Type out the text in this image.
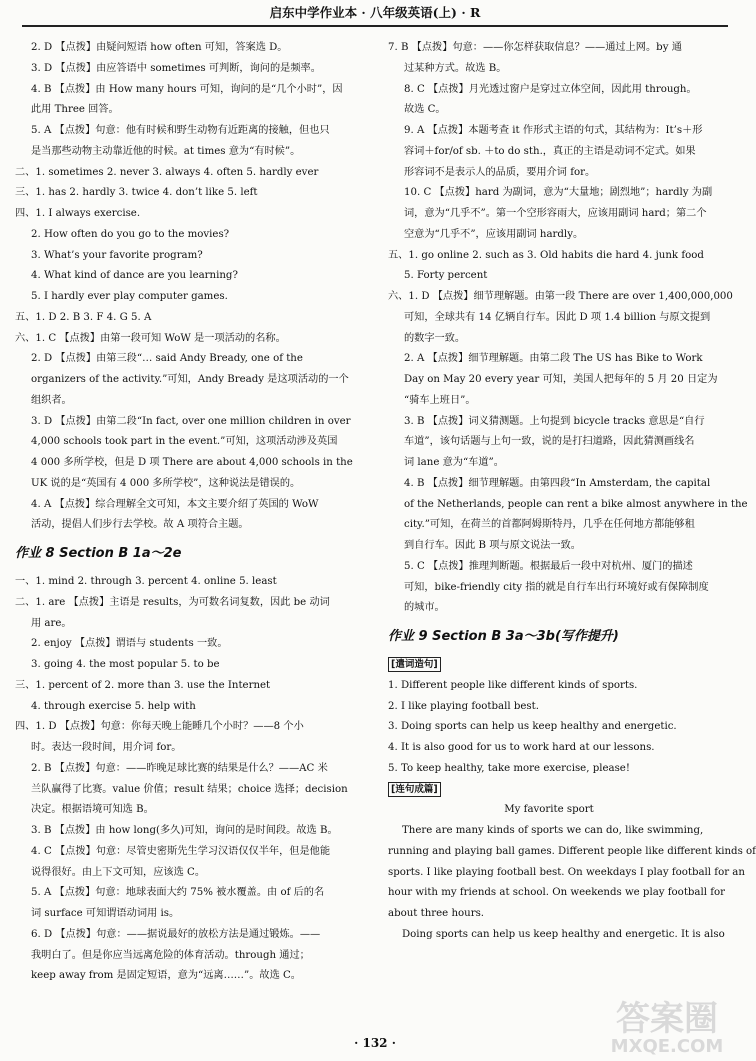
启东中学作业本 · 八年级英语(上) · R

2. D 【点拨】由疑问短语 how often 可知，答案选 D。

3. D 【点拨】由应答语中 sometimes 可判断，询问的是频率。

4. B 【点拨】由 How many hours 可知，询问的是“几个小时”，因

此用 Three 回答。

5. A 【点拨】句意：他有时候和野生动物有近距离的接触，但也只

是当那些动物主动靠近他的时候。at times 意为“有时候”。

二、1. sometimes 2. never 3. always 4. often 5. hardly ever

三、1. has 2. hardly 3. twice 4. don’t like 5. left

四、1. I always exercise.

2. How often do you go to the movies?

3. What’s your favorite program?

4. What kind of dance are you learning?

5. I hardly ever play computer games.

五、1. D 2. B 3. F 4. G 5. A

六、1. C 【点拨】由第一段可知 WoW 是一项活动的名称。

2. D 【点拨】由第三段“… said Andy Bready, one of the

organizers of the activity.”可知，Andy Bready 是这项活动的一个

组织者。

3. D 【点拨】由第二段“In fact, over one million children in over

4,000 schools took part in the event.”可知，这项活动涉及英国

4 000 多所学校，但是 D 项 There are about 4,000 schools in the

UK 说的是“英国有 4 000 多所学校”，这种说法是错误的。

4. A 【点拨】综合理解全文可知，本文主要介绍了英国的 WoW

活动，提倡人们步行去学校。故 A 项符合主题。

作业 8 Section B 1a～2e

一、1. mind 2. through 3. percent 4. online 5. least

二、1. are 【点拨】主语是 results，为可数名词复数，因此 be 动词

用 are。

2. enjoy 【点拨】谓语与 students 一致。

3. going 4. the most popular 5. to be

三、1. percent of 2. more than 3. use the Internet

4. through exercise 5. help with

四、1. D 【点拨】句意：你每天晚上能睡几个小时？——8 个小

时。表达一段时间，用介词 for。

2. B 【点拨】句意：——昨晚足球比赛的结果是什么？——AC 米

兰队赢得了比赛。value 价值；result 结果；choice 选择；decision

决定。根据语境可知选 B。

3. B 【点拨】由 how long(多久)可知，询问的是时间段。故选 B。

4. C 【点拨】句意：尽管史密斯先生学习汉语仅仅半年，但是他能

说得很好。由上下文可知，应该选 C。

5. A 【点拨】句意：地球表面大约 75% 被水覆盖。由 of 后的名

词 surface 可知谓语动词用 is。

6. D 【点拨】句意：——据说最好的放松方法是通过锻炼。——

我明白了。但是你应当远离危险的体育活动。through 通过；

keep away from 是固定短语，意为“远离……”。故选 C。

7. B 【点拨】句意：——你怎样获取信息？——通过上网。by 通

过某种方式。故选 B。

8. C 【点拨】月光透过窗户是穿过立体空间，因此用 through。

故选 C。

9. A 【点拨】本题考查 it 作形式主语的句式，其结构为：It’s＋形

容词＋for/of sb. ＋to do sth.，真正的主语是动词不定式。如果

形容词不是表示人的品质，要用介词 for。

10. C 【点拨】hard 为副词，意为“大量地；剧烈地”；hardly 为副

词，意为“几乎不”。第一个空形容雨大，应该用副词 hard；第二个

空意为“几乎不”，应该用副词 hardly。

五、1. go online 2. such as 3. Old habits die hard 4. junk food

5. Forty percent

六、1. D 【点拨】细节理解题。由第一段 There are over 1,400,000,000

可知，全球共有 14 亿辆自行车。因此 D 项 1.4 billion 与原文提到

的数字一致。

2. A 【点拨】细节理解题。由第二段 The US has Bike to Work

Day on May 20 every year 可知，美国人把每年的 5 月 20 日定为

“骑车上班日”。

3. B 【点拨】词义猜测题。上句提到 bicycle tracks 意思是“自行

车道”，该句话题与上句一致，说的是打扫道路，因此猜测画线名

词 lane 意为“车道”。

4. B 【点拨】细节理解题。由第四段“In Amsterdam, the capital

of the Netherlands, people can rent a bike almost anywhere in the

city.”可知，在荷兰的首都阿姆斯特丹，几乎在任何地方都能够租

到自行车。因此 B 项与原文说法一致。

5. C 【点拨】推理判断题。根据最后一段中对杭州、厦门的描述

可知，bike-friendly city 指的就是自行车出行环境好或有保障制度

的城市。

作业 9 Section B 3a～3b(写作提升)

[遣词造句]

1. Different people like different kinds of sports.

2. I like playing football best.

3. Doing sports can help us keep healthy and energetic.

4. It is also good for us to work hard at our lessons.

5. To keep healthy, take more exercise, please!

[连句成篇]

My favorite sport

There are many kinds of sports we can do, like swimming,

running and playing ball games. Different people like different kinds of

sports. I like playing football best. On weekdays I play football for an

hour with my friends at school. On weekends we play football for

about three hours.

Doing sports can help us keep healthy and energetic. It is also

答案圈
MXQE.COM
· 132 ·
